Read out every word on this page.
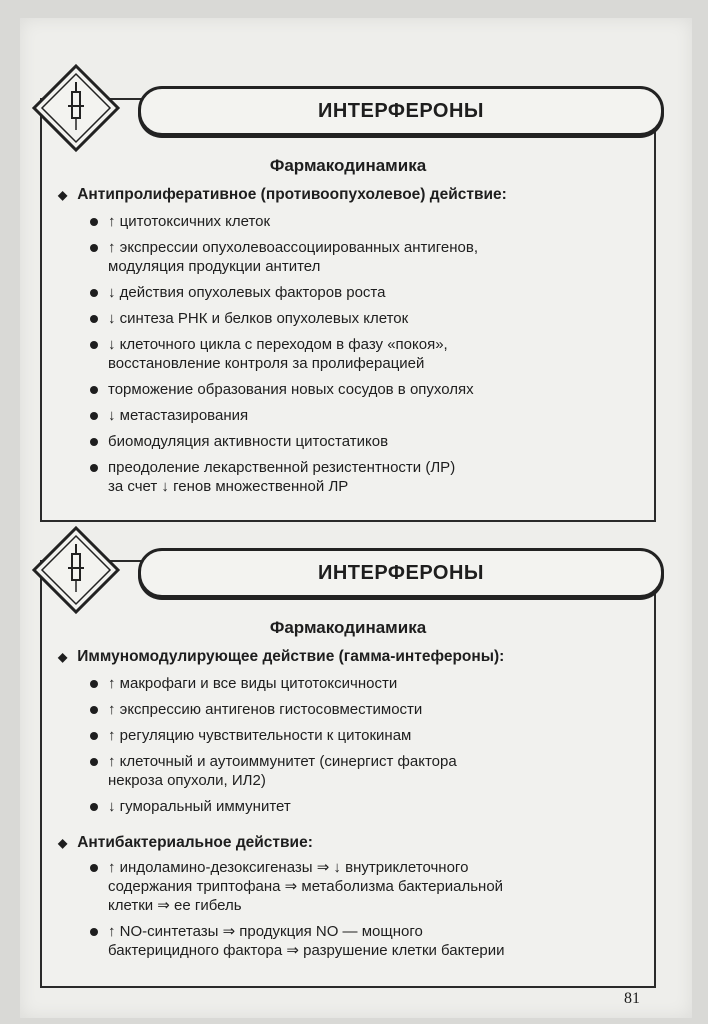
ИНТЕРФЕРОНЫ
Фармакодинамика
◆ Антипролиферативное (противоопухолевое) действие:
↑ цитотоксичних клеток
↑ экспрессии опухолевоассоциированных антигенов,
модуляция продукции антител
↓ действия опухолевых факторов роста
↓ синтеза РНК и белков опухолевых клеток
↓ клеточного цикла с переходом в фазу «покоя»,
восстановление контроля за пролиферацией
торможение образования новых сосудов в опухолях
↓ метастазирования
биомодуляция активности цитостатиков
преодоление лекарственной резистентности (ЛР)
за счет ↓ генов множественной ЛР
ИНТЕРФЕРОНЫ
Фармакодинамика
◆ Иммуномодулирующее действие (гамма-интеферoны):
↑ макрофаги и все виды цитотоксичности
↑ экспрессию антигенов гистосовместимости
↑ регуляцию чувствительности к цитокинам
↑ клеточный и аутоиммунитет (синергист фактора
некроза опухоли, ИЛ2)
↓ гуморальный иммунитет
◆ Антибактериальное действие:
↑ индоламино-дезоксигеназы ⇒ ↓ внутриклеточного
содержания триптофана ⇒ метаболизма бактериальной
клетки ⇒ ее гибель
↑ NO-синтетазы ⇒ продукция NO — мощного
бактерицидного фактора ⇒ разрушение клетки бактерии
81
